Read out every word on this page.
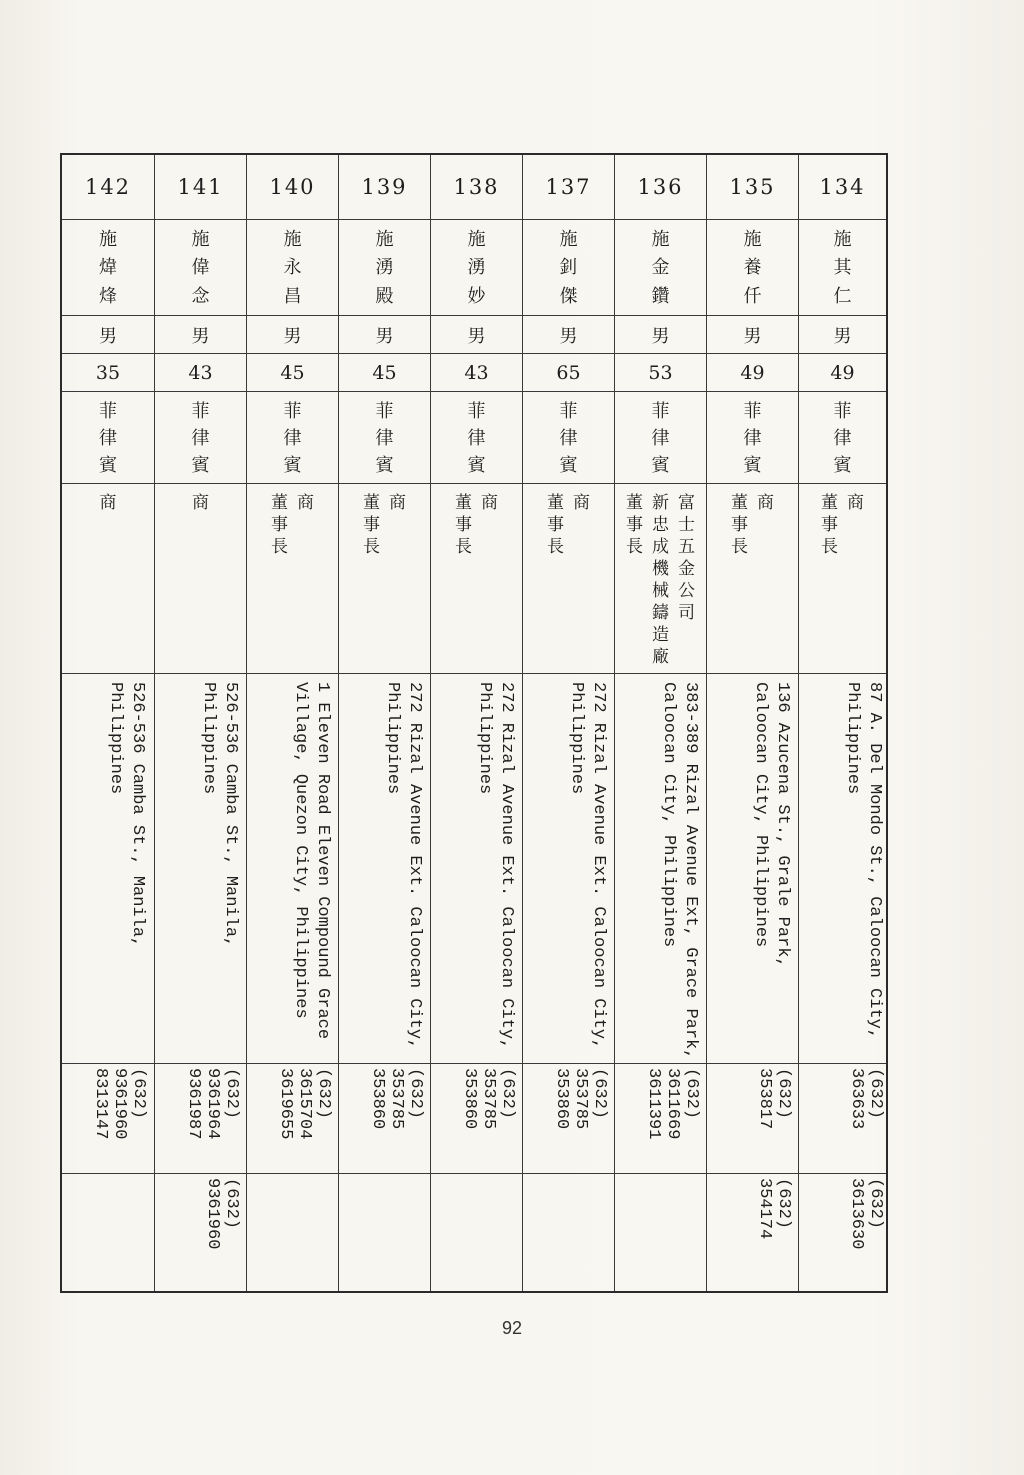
142
施
煒
烽
男
35
菲
律
賓
商
526-536 Camba St., Manila,
Philippines
(632)
9361960
8313147
141
施
偉
念
男
43
菲
律
賓
商
526-536 Camba St., Manila,
Philippines
(632)
9361964
9361987
(632)
9361960
140
施
永
昌
男
45
菲
律
賓
商
董
事
長
1 Eleven Road Eleven Compound Grace
Village, Quezon City, Philippines
(632)
3615704
3619655
139
施
湧
殿
男
45
菲
律
賓
商
董
事
長
272 Rizal Avenue Ext. Caloocan City,
Philippines
(632)
353785
353860
138
施
湧
妙
男
43
菲
律
賓
商
董
事
長
272 Rizal Avenue Ext. Caloocan City,
Philippines
(632)
353785
353860
137
施
釗
傑
男
65
菲
律
賓
商
董
事
長
272 Rizal Avenue Ext. Caloocan City,
Philippines
(632)
353785
353860
136
施
金
鑽
男
53
菲
律
賓
富
士
五
金
公
司
新
忠
成
機
械
鑄
造
廠
董
事
長
383-389 Rizal Avenue Ext, Grace Park,
Caloocan City, Philippines
(632)
3611669
3611391
135
施
養
仟
男
49
菲
律
賓
商
董
事
長
136 Azucena St., Grale Park,
Caloocan City, Philippines
(632)
353817
(632)
354174
134
施
其
仁
男
49
菲
律
賓
商
董
事
長
87 A. Del Mondo St., Caloocan City,
Philippines
(632)
363633
(632)
3613630
92
